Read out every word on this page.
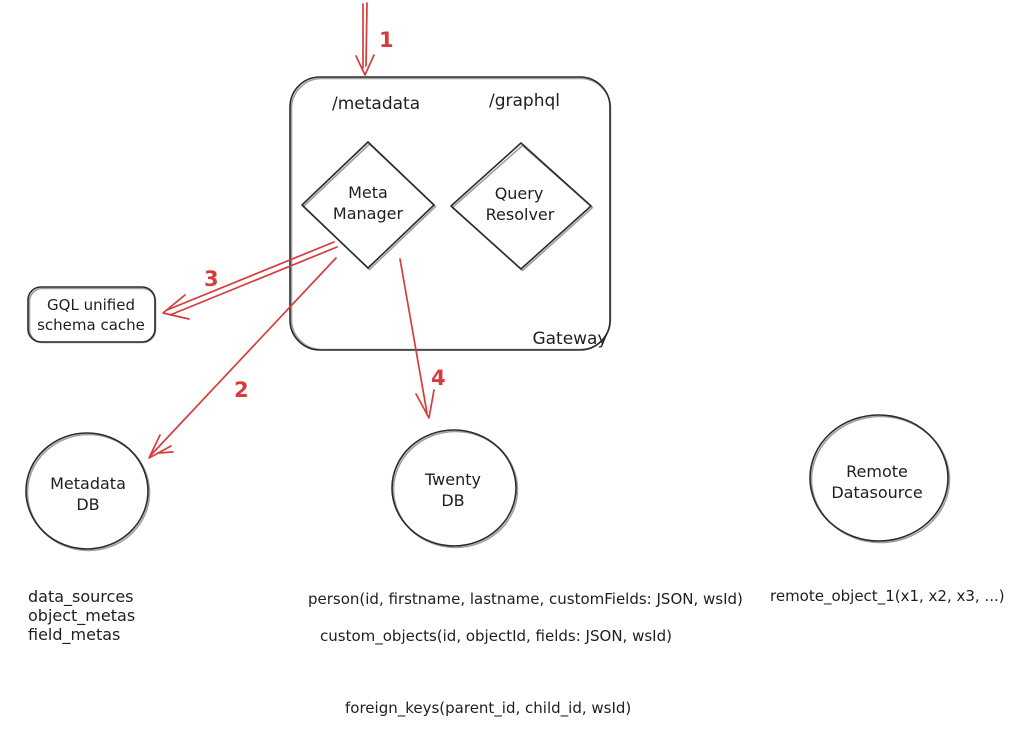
/metadata	/graphql
Gateway
Meta
Manager
Query
Resolver
GQL unified
schema cache
Metadata
DB
Twenty
DB
Remote
Datasource
data_sources
object_metas
field_metas
person(id, firstname, lastname, customFields: JSON, wsId)
custom_objects(id, objectId, fields: JSON, wsId)
foreign_keys(parent_id, child_id, wsId)
remote_object_1(x1, x2, x3, ...)
1
3
2	4
